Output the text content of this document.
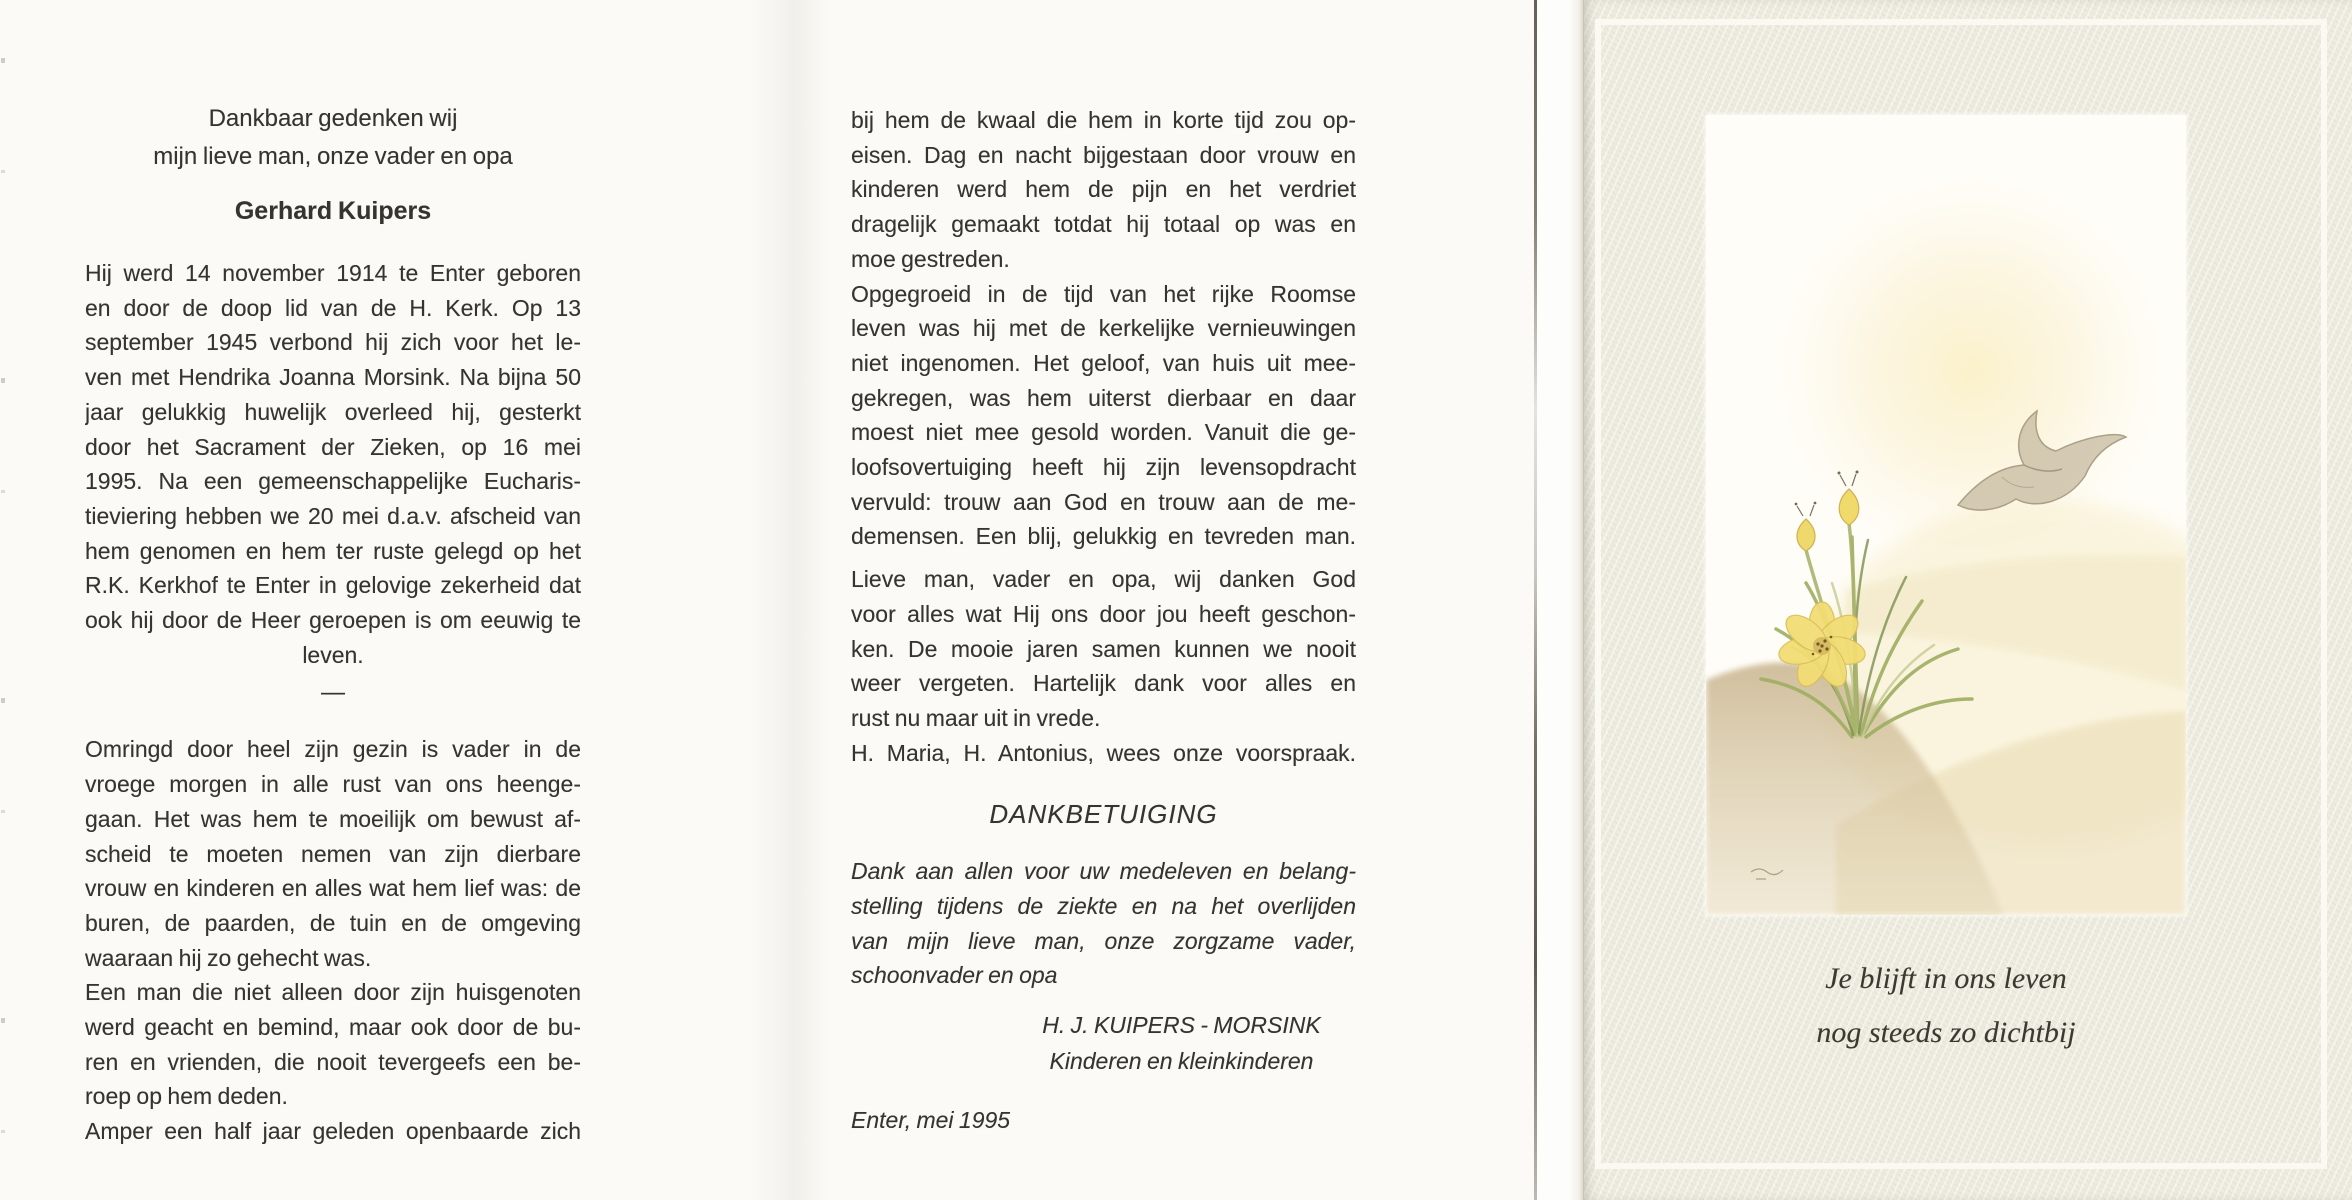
Dankbaar gedenken wij
mijn lieve man, onze vader en opa
Gerhard Kuipers
Hij werd 14 november 1914 te Enter geboren
en door de doop lid van de H. Kerk. Op 13
september 1945 verbond hij zich voor het le-
ven met Hendrika Joanna Morsink. Na bijna 50
jaar gelukkig huwelijk overleed hij, gesterkt
door het Sacrament der Zieken, op 16 mei
1995. Na een gemeenschappelijke Eucharis-
tieviering hebben we 20 mei d.a.v. afscheid van
hem genomen en hem ter ruste gelegd op het
R.K. Kerkhof te Enter in gelovige zekerheid dat
ook hij door de Heer geroepen is om eeuwig te
leven.
—
Omringd door heel zijn gezin is vader in de
vroege morgen in alle rust van ons heenge-
gaan. Het was hem te moeilijk om bewust af-
scheid te moeten nemen van zijn dierbare
vrouw en kinderen en alles wat hem lief was: de
buren, de paarden, de tuin en de omgeving
waaraan hij zo gehecht was.
Een man die niet alleen door zijn huisgenoten
werd geacht en bemind, maar ook door de bu-
ren en vrienden, die nooit tevergeefs een be-
roep op hem deden.
Amper een half jaar geleden openbaarde zich
bij hem de kwaal die hem in korte tijd zou op-
eisen. Dag en nacht bijgestaan door vrouw en
kinderen werd hem de pijn en het verdriet
dragelijk gemaakt totdat hij totaal op was en
moe gestreden.
Opgegroeid in de tijd van het rijke Roomse
leven was hij met de kerkelijke vernieuwingen
niet ingenomen. Het geloof, van huis uit mee-
gekregen, was hem uiterst dierbaar en daar
moest niet mee gesold worden. Vanuit die ge-
loofsovertuiging heeft hij zijn levensopdracht
vervuld: trouw aan God en trouw aan de me-
demensen. Een blij, gelukkig en tevreden man.
Lieve man, vader en opa, wij danken God
voor alles wat Hij ons door jou heeft geschon-
ken. De mooie jaren samen kunnen we nooit
weer vergeten. Hartelijk dank voor alles en
rust nu maar uit in vrede.
H. Maria, H. Antonius, wees onze voorspraak.
DANKBETUIGING
Dank aan allen voor uw medeleven en belang-
stelling tijdens de ziekte en na het overlijden
van mijn lieve man, onze zorgzame vader,
schoonvader en opa
H. J. KUIPERS - MORSINK
Kinderen en kleinkinderen
Enter, mei 1995
Je blijft in ons leven
nog steeds zo dichtbij
